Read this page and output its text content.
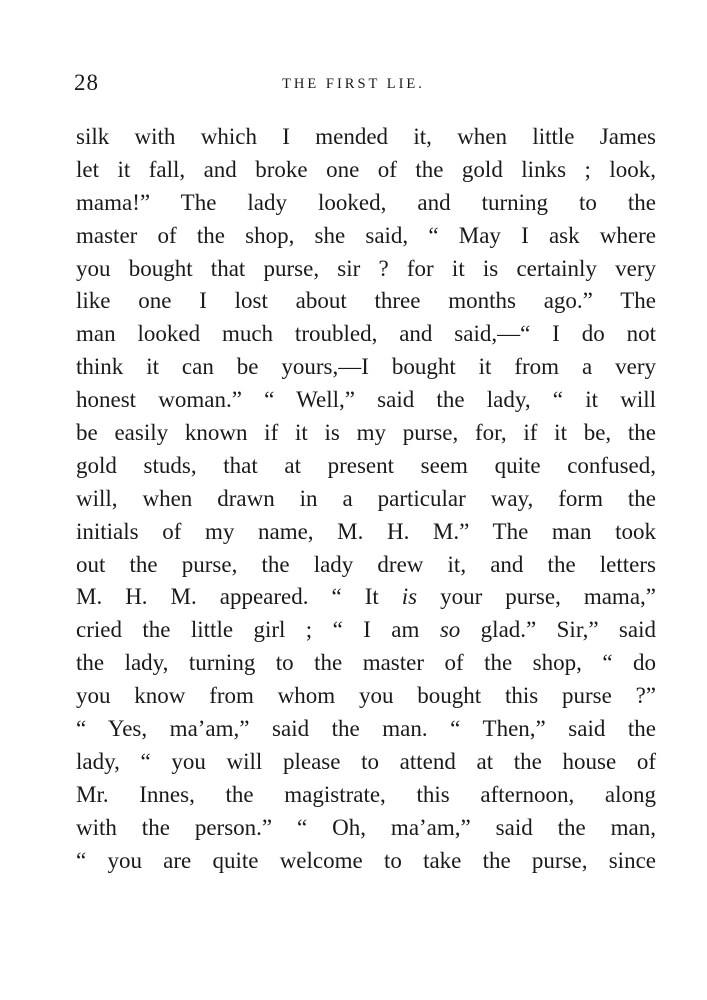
28	THE FIRST LIE.
silk with which I mended it, when little James
let it fall, and broke one of the gold links ; look,
mama!” The lady looked, and turning to the
master of the shop, she said, “ May I ask where
you bought that purse, sir ? for it is certainly very
like one I lost about three months ago.” The
man looked much troubled, and said,—“ I do not
think it can be yours,—I bought it from a very
honest woman.” “ Well,” said the lady, “ it will
be easily known if it is my purse, for, if it be, the
gold studs, that at present seem quite confused,
will, when drawn in a particular way, form the
initials of my name, M. H. M.” The man took
out the purse, the lady drew it, and the letters
M. H. M. appeared. “ It is your purse, mama,”
cried the little girl ; “ I am so glad.” Sir,” said
the lady, turning to the master of the shop, “ do
you know from whom you bought this purse ?”
“ Yes, ma’am,” said the man. “ Then,” said the
lady, “ you will please to attend at the house of
Mr. Innes, the magistrate, this afternoon, along
with the person.” “ Oh, ma’am,” said the man,
“ you are quite welcome to take the purse, since
